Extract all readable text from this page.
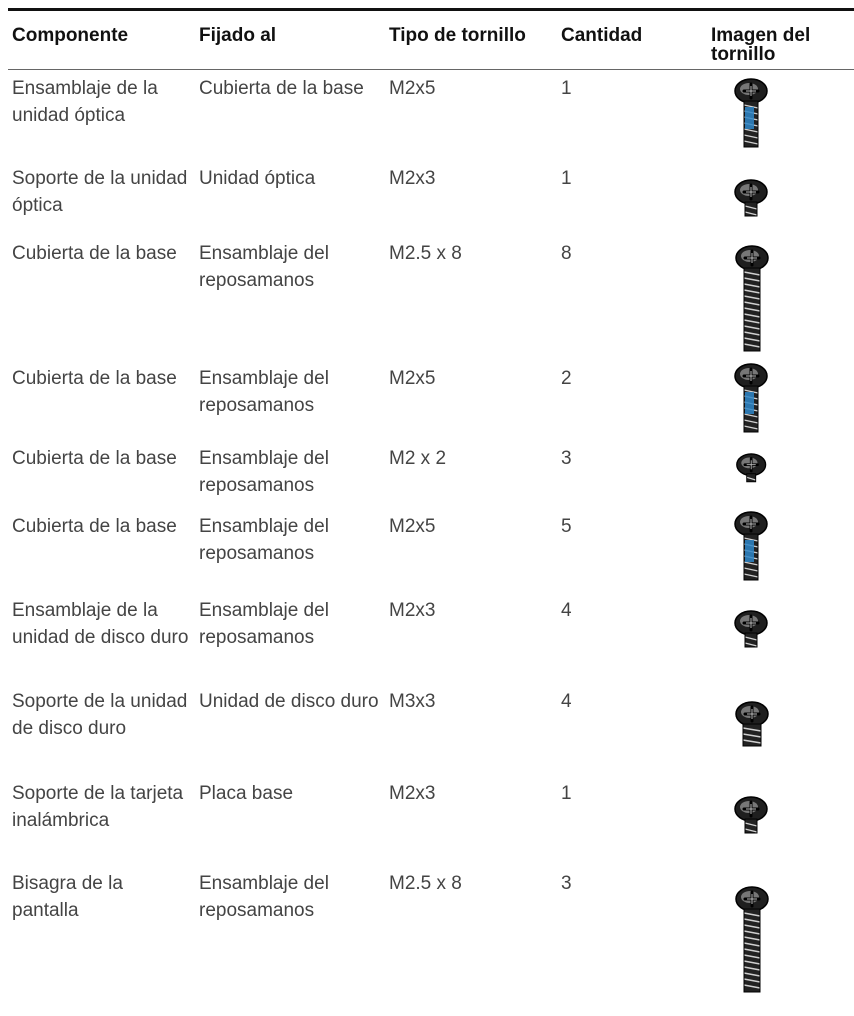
Componente	Fijado al	Tipo de tornillo	Cantidad	Imagen del tornillo
Ensamblaje de la unidad óptica	Cubierta de la base	M2x5	1	

Soporte de la unidad óptica	Unidad óptica	M2x3	1	

Cubierta de la base	Ensamblaje del reposamanos	M2.5 x 8	8	

Cubierta de la base	Ensamblaje del reposamanos	M2x5	2	

Cubierta de la base	Ensamblaje del reposamanos	M2 x 2	3	

Cubierta de la base	Ensamblaje del reposamanos	M2x5	5	

Ensamblaje de la unidad de disco duro	Ensamblaje del reposamanos	M2x3	4	

Soporte de la unidad de disco duro	Unidad de disco duro	M3x3	4	

Soporte de la tarjeta inalámbrica	Placa base	M2x3	1	

Bisagra de la pantalla	Ensamblaje del reposamanos	M2.5 x 8	3	
